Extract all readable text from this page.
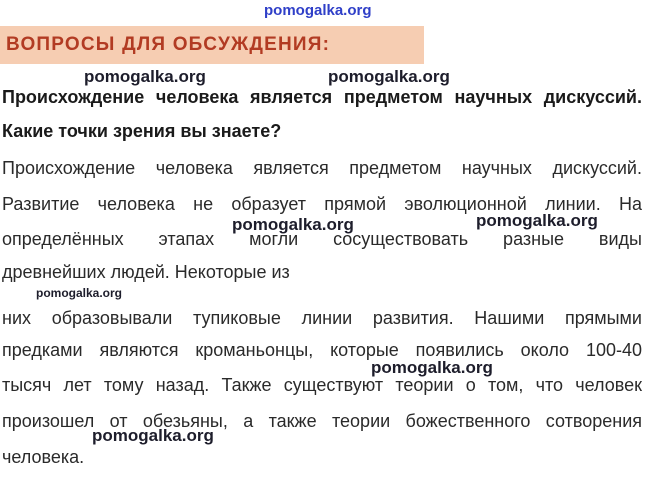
pomogalka.org
ВОПРОСЫ ДЛЯ ОБСУЖДЕНИЯ:
Происхождение человека является предметом научных дискуссий. Какие точки зрения вы знаете?
Происхождение человека является предметом научных дискуссий.
Развитие человека не образует прямой эволюционной линии. На
определённых этапах могли сосуществовать разные виды
древнейших людей. Некоторые из
них образовывали тупиковые линии развития. Нашими прямыми
предками являются кроманьонцы, которые появились около 100-40
тысяч лет тому назад. Также существуют теории о том, что человек
произошел от обезьяны, а также теории божественного сотворения
человека.
pomogalka.org	pomogalka.org
pomogalka.org	pomogalka.org
pomogalka.org
pomogalka.org
pomogalka.org
